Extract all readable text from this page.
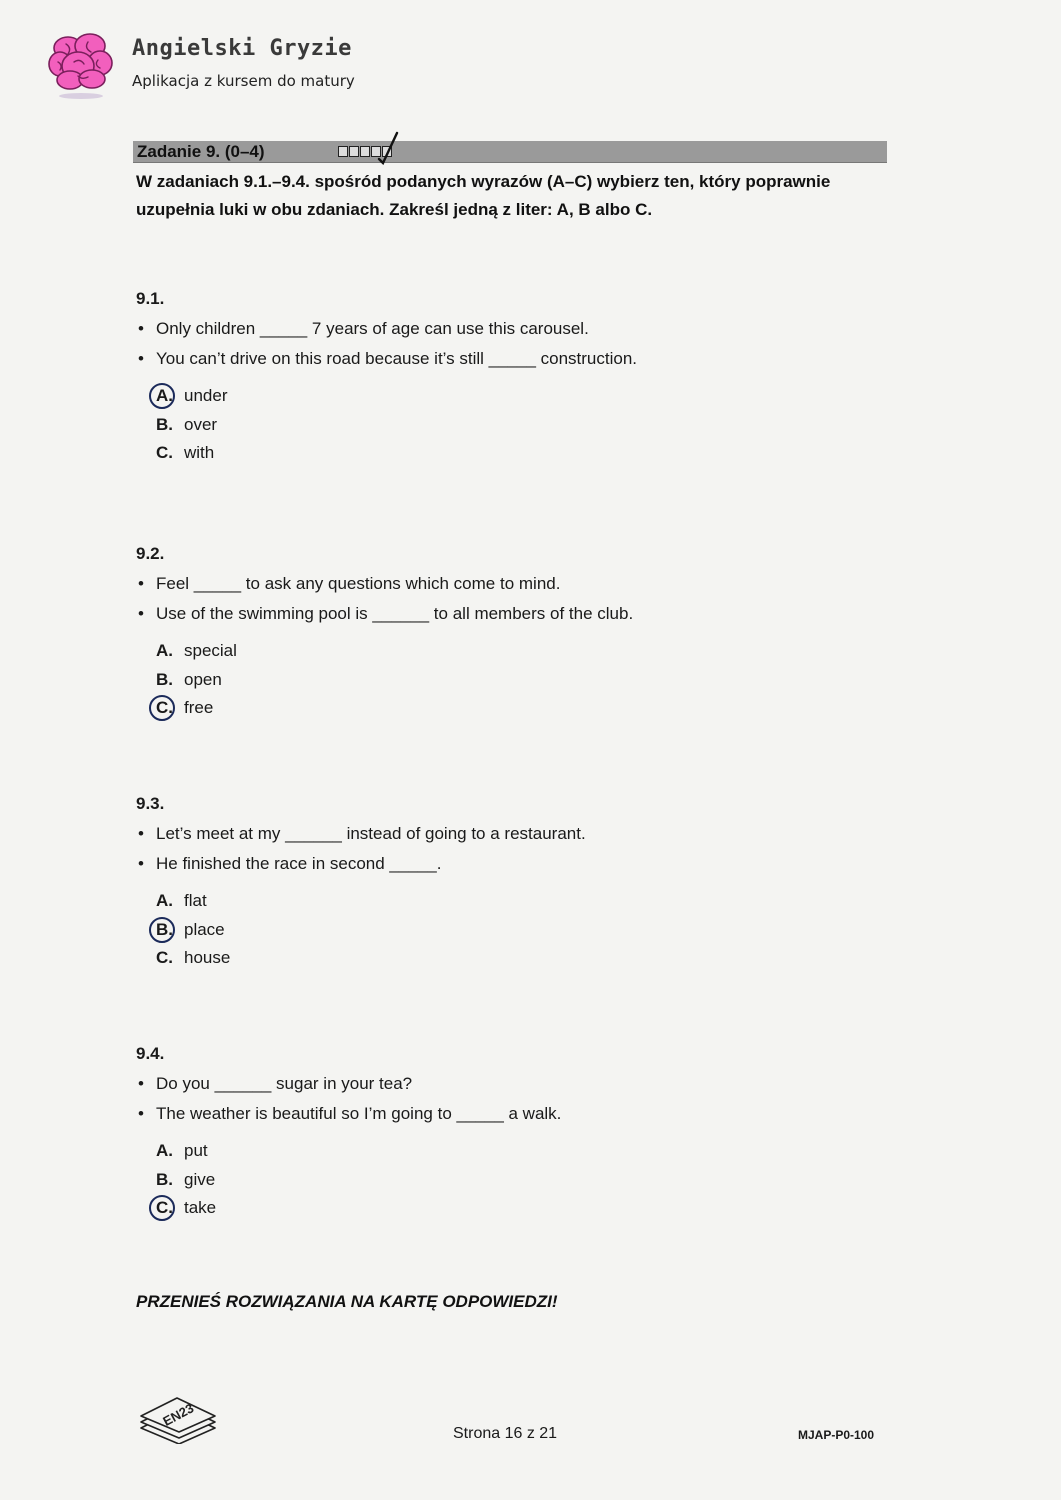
Angielski Gryzie
Aplikacja z kursem do matury
Zadanie 9. (0–4)
W zadaniach 9.1.–9.4. spośród podanych wyrazów (A–C) wybierz ten, który poprawnie uzupełnia luki w obu zdaniach. Zakreśl jedną z liter: A, B albo C.
9.1.
• Only children _____ 7 years of age can use this carousel.
• You can’t drive on this road because it’s still _____ construction.
A. under
B. over
C. with
9.2.
• Feel _____ to ask any questions which come to mind.
• Use of the swimming pool is ______ to all members of the club.
A. special
B. open
C. free
9.3.
• Let’s meet at my ______ instead of going to a restaurant.
• He finished the race in second _____.
A. flat
B. place
C. house
9.4.
• Do you ______ sugar in your tea?
• The weather is beautiful so I’m going to _____ a walk.
A. put
B. give
C. take
PRZENIEŚ ROZWIĄZANIA NA KARTĘ ODPOWIEDZI!
EN23
Strona 16 z 21	MJAP-P0-100
